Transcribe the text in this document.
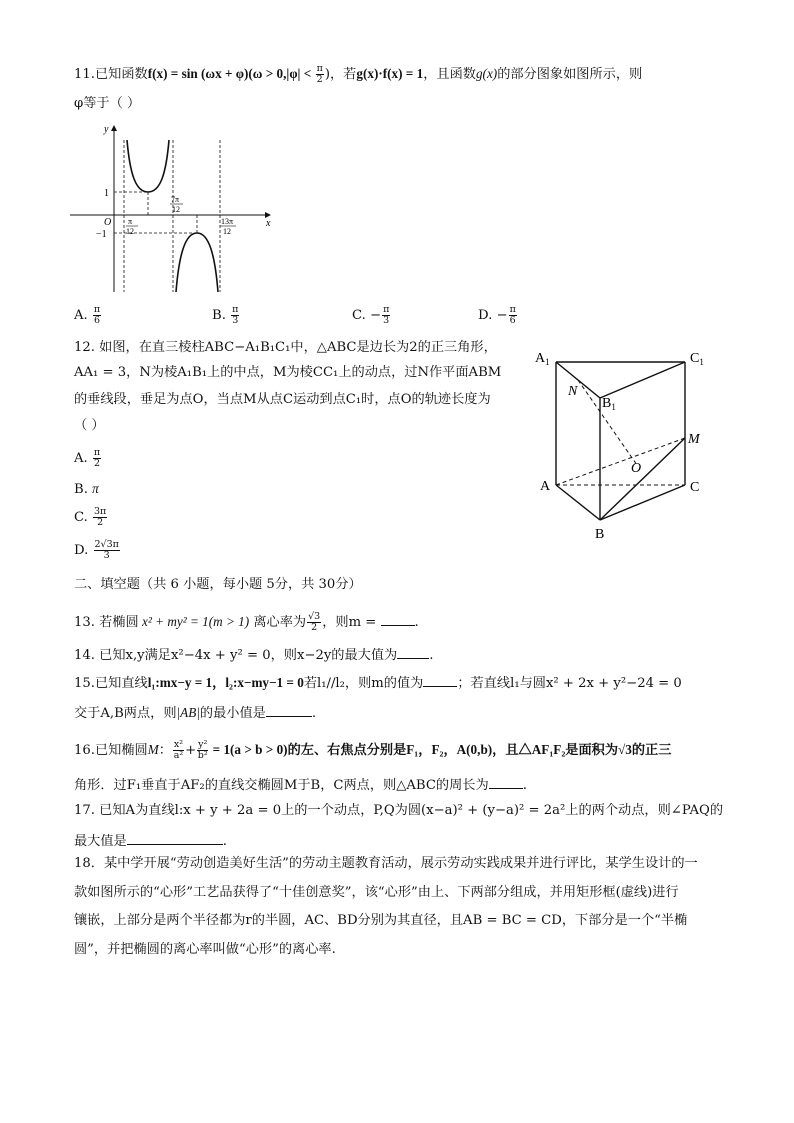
11.已知函数$f(x) = \sin (\omega x + \varphi)(\omega > 0,|\varphi| < \frac{\pi}{2}$ )，若g(x)·f(x) = 1，且函数g(x)的部分图象如图所示，则
φ等于（ ）
y
x
O
1
−1
π
12
7π
12
13π
12
A. $\frac{\pi}{6}$	B. $\frac{\pi}{3}$	C. − $\frac{\pi}{3}$	D. − $\frac{\pi}{6}$
12. 如图，在直三棱柱ABC−A₁B₁C₁中，△ABC是边长为2的正三角形，
AA₁ = 3，N为棱A₁B₁上的中点，M为棱CC₁上的动点，过N作平面ABM
的垂线段，垂足为点O，当点M从点C运动到点C₁时，点O的轨迹长度为
（ ）
A. $\frac{\pi}{2}$
B. π
C. $\frac{3\pi}{2}$
D. $\frac{2√3\pi}{3}$
$A_1$	$C_1$
N
$B_1$
M
O
A	C
B
二、填空题（共 6 小题，每小题 5分，共 30分）
13. 若椭圆 x² + my² = 1(m > 1) 离心率为 $\frac{√3}{2}$ ，则m =	.
14. 已知x,y满足x²−4x + y² = 0，则x−2y的最大值为 .
15.已知直线l₁:mx−y = 1，l₂:x−my−1 = 0若l₁//l₂，则m的值为	；若直线l₁与圆x² + 2x + y²−24 = 0
交于A,B两点，则|AB|的最小值是	.
16.已知椭圆M： $\frac{\text{x²}}{\text{a²}} + \frac{\text{y²}}{\text{b²}} = 1(a > b > 0)$的左、右焦点分别是F₁，F₂，A(0,b)，且△AF₁F₂是面积为√3的正三
角形．过F₁垂直于AF₂的直线交椭圆M于B，C两点，则△ABC的周长为	.
17. 已知A为直线l:x + y + 2a = 0上的一个动点，P,Q为圆(x−a)² + (y−a)² = 2a²上的两个动点，则∠PAQ的
最大值是	.
18．某中学开展“劳动创造美好生活”的劳动主题教育活动，展示劳动实践成果并进行评比，某学生设计的一
款如图所示的“心形”工艺品获得了“十佳创意奖”，该“心形”由上、下两部分组成，并用矩形框(虚线)进行
镶嵌，上部分是两个半径都为r的半圆，AC、BD分别为其直径，且AB = BC = CD，下部分是一个“半椭
圆”，并把椭圆的离心率叫做“心形”的离心率.
